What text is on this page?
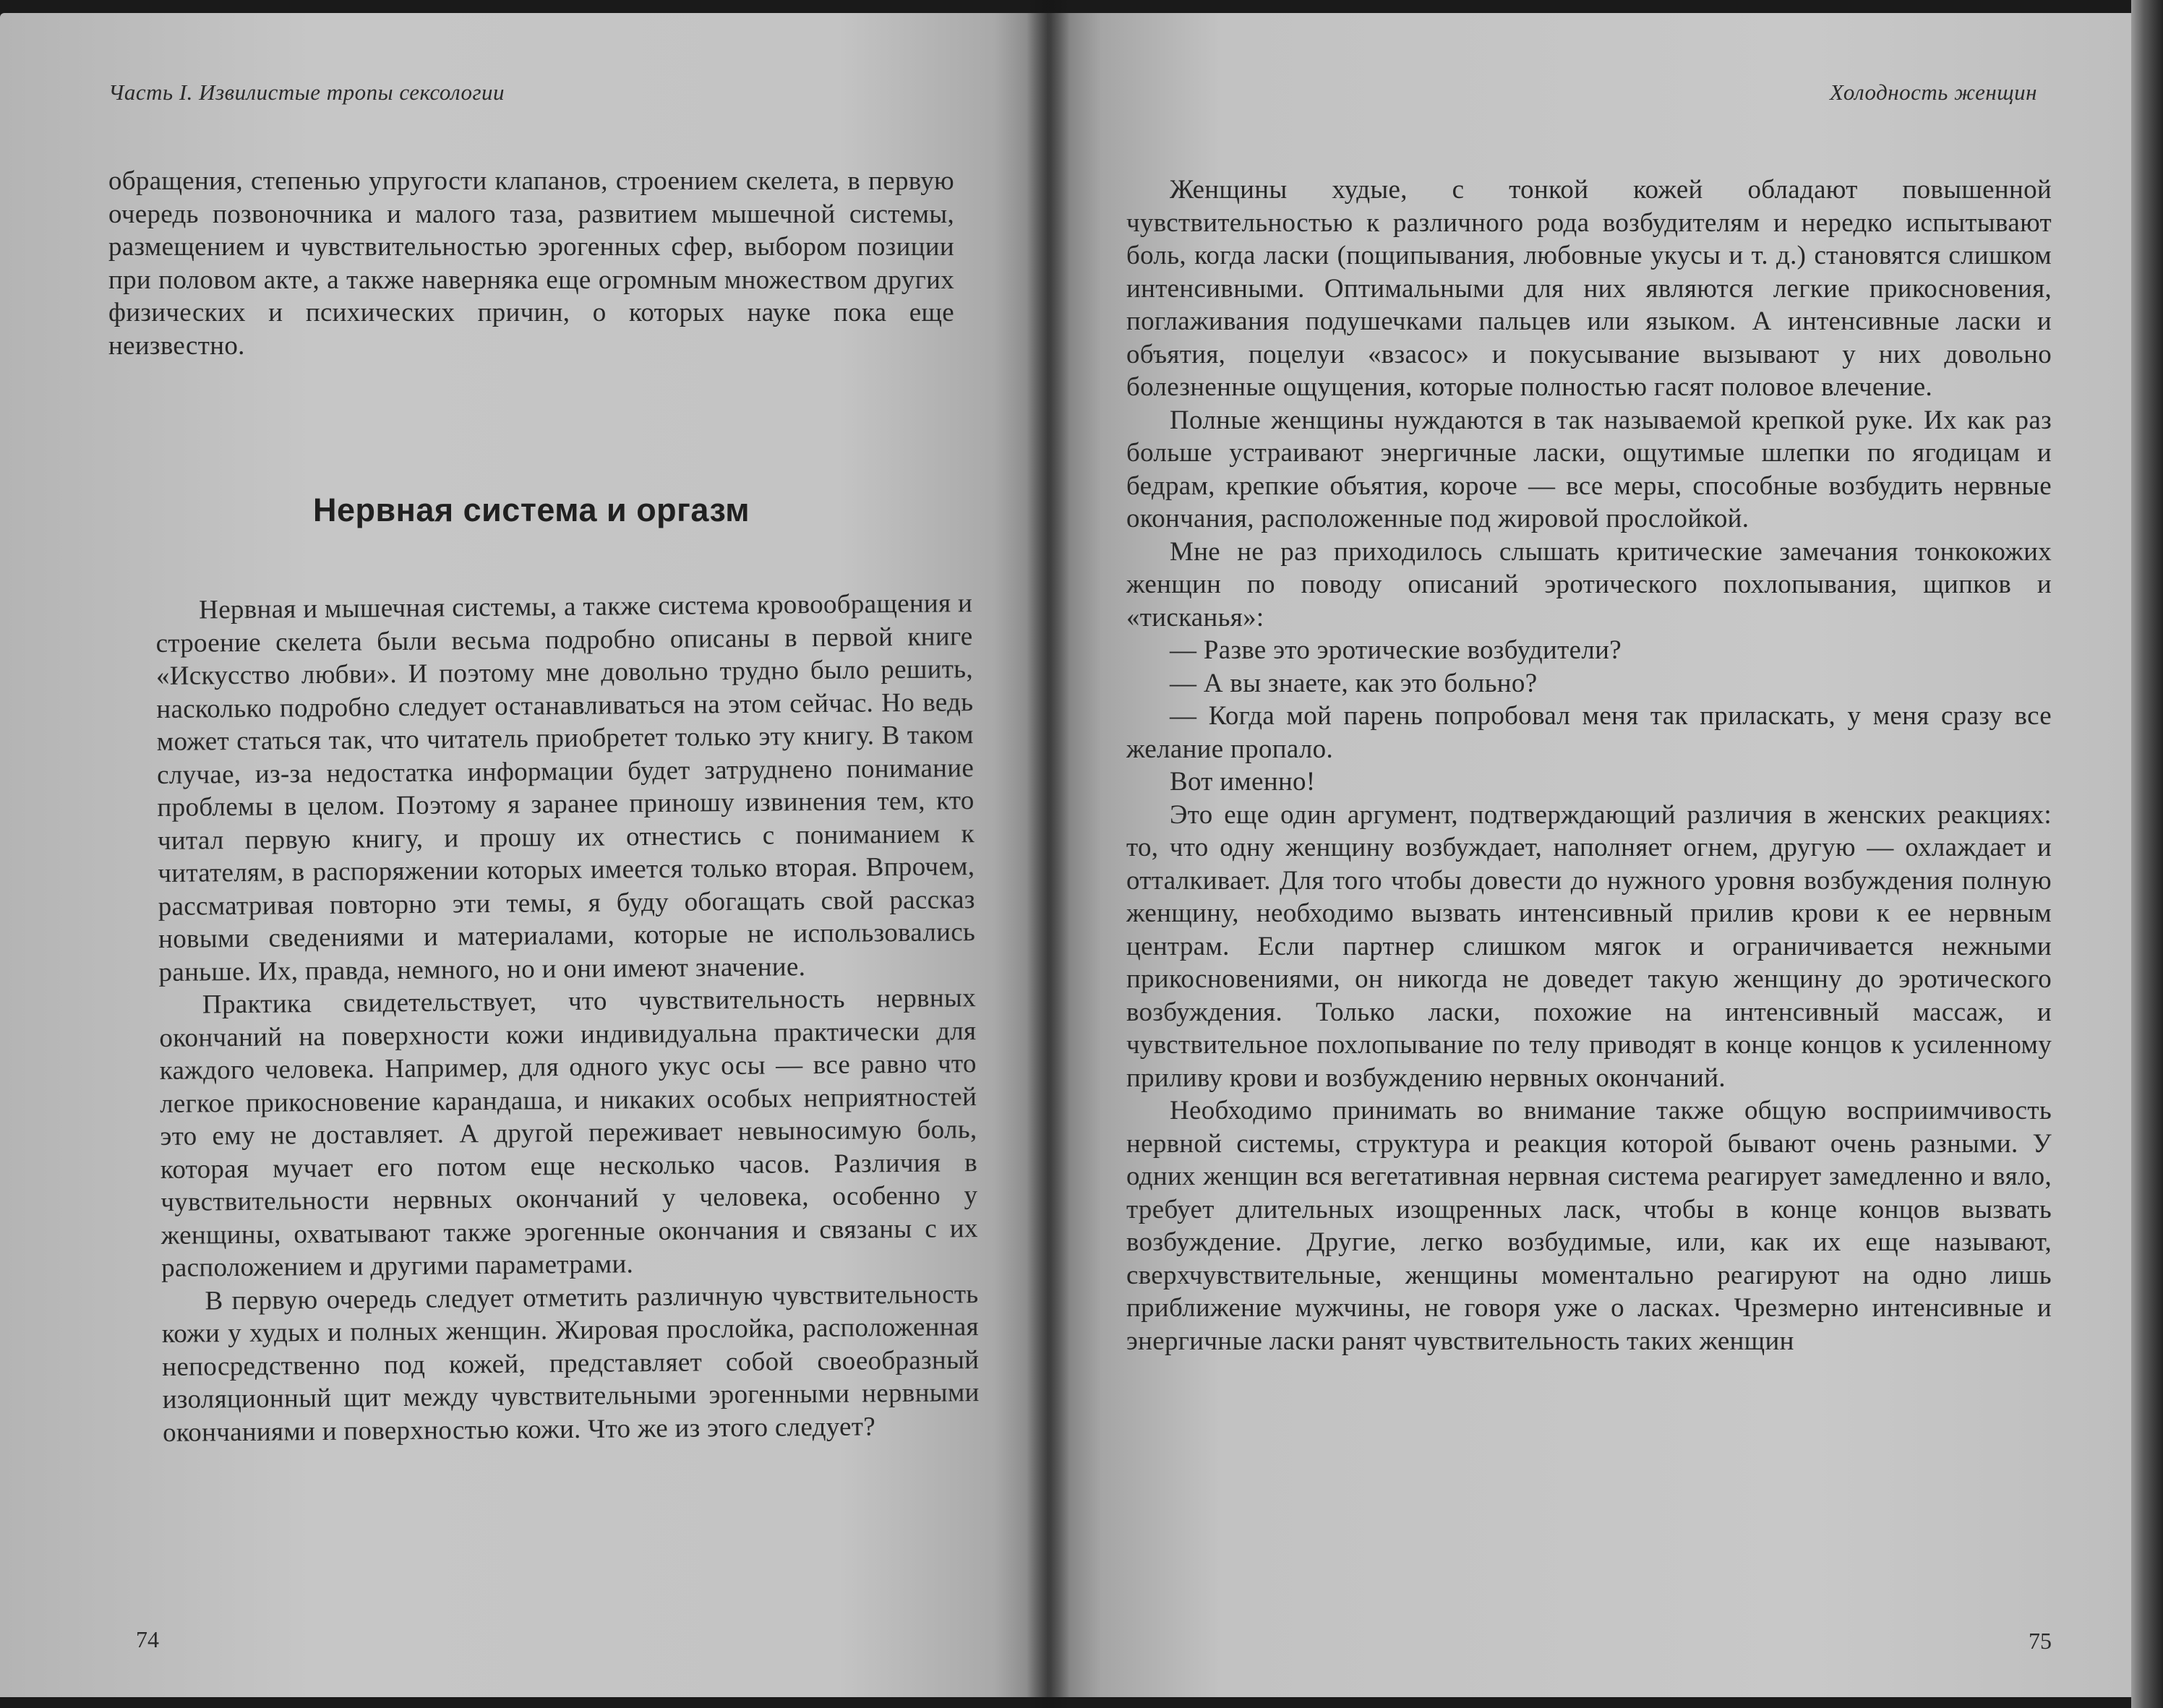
Часть I. Извилистые тропы сексологии

обращения, степенью упругости клапанов, строением скелета, в первую очередь позвоночника и малого таза, развитием мышечной системы, размещением и чувствительностью эрогенных сфер, выбором позиции при половом акте, а также наверняка еще огромным множеством других физических и психических причин, о которых науке пока еще неизвестно.

Нервная система и оргазм

Нервная и мышечная системы, а также система кровообращения и строение скелета были весьма подробно описаны в первой книге «Искусство любви». И поэтому мне довольно трудно было решить, насколько подробно следует останавливаться на этом сейчас. Но ведь может статься так, что читатель приобретет только эту книгу. В таком случае, из-за недостатка информации будет затруднено понимание проблемы в целом. Поэтому я заранее приношу извинения тем, кто читал первую книгу, и прошу их отнестись с пониманием к читателям, в распоряжении которых имеется только вторая. Впрочем, рассматривая повторно эти темы, я буду обогащать свой рассказ новыми сведениями и материалами, которые не использовались раньше. Их, правда, немного, но и они имеют значение.

Практика свидетельствует, что чувствительность нервных окончаний на поверхности кожи индивидуальна практически для каждого человека. Например, для одного укус осы — все равно что легкое прикосновение карандаша, и никаких особых неприятностей это ему не доставляет. А другой переживает невыносимую боль, которая мучает его потом еще несколько часов. Различия в чувствительности нервных окончаний у человека, особенно у женщины, охватывают также эрогенные окончания и связаны с их расположением и другими параметрами.

В первую очередь следует отметить различную чувствительность кожи у худых и полных женщин. Жировая прослойка, расположенная непосредственно под кожей, представляет собой своеобразный изоляционный щит между чувствительными эрогенными нервными окончаниями и поверхностью кожи. Что же из этого следует?

74
Холодность женщин

Женщины худые, с тонкой кожей обладают повышенной чувствительностью к различного рода возбудителям и нередко испытывают боль, когда ласки (пощипывания, любовные укусы и т. д.) становятся слишком интенсивными. Оптимальными для них являются легкие прикосновения, поглаживания подушечками пальцев или языком. А интенсивные ласки и объятия, поцелуи «взасос» и покусывание вызывают у них довольно болезненные ощущения, которые полностью гасят половое влечение.

Полные женщины нуждаются в так называемой крепкой руке. Их как раз больше устраивают энергичные ласки, ощутимые шлепки по ягодицам и бедрам, крепкие объятия, короче — все меры, способные возбудить нервные окончания, расположенные под жировой прослойкой.

Мне не раз приходилось слышать критические замечания тонкокожих женщин по поводу описаний эротического похлопывания, щипков и «тисканья»:

— Разве это эротические возбудители?

— А вы знаете, как это больно?

— Когда мой парень попробовал меня так приласкать, у меня сразу все желание пропало.

Вот именно!

Это еще один аргумент, подтверждающий различия в женских реакциях: то, что одну женщину возбуждает, наполняет огнем, другую — охлаждает и отталкивает. Для того чтобы довести до нужного уровня возбуждения полную женщину, необходимо вызвать интенсивный прилив крови к ее нервным центрам. Если партнер слишком мягок и ограничивается нежными прикосновениями, он никогда не доведет такую женщину до эротического возбуждения. Только ласки, похожие на интенсивный массаж, и чувствительное похлопывание по телу приводят в конце концов к усиленному приливу крови и возбуждению нервных окончаний.

Необходимо принимать во внимание также общую восприимчивость нервной системы, структура и реакция которой бывают очень разными. У одних женщин вся вегетативная нервная система реагирует замедленно и вяло, требует длительных изощренных ласк, чтобы в конце концов вызвать возбуждение. Другие, легко возбудимые, или, как их еще называют, сверхчувствительные, женщины моментально реагируют на одно лишь приближение мужчины, не говоря уже о ласках. Чрезмерно интенсивные и энергичные ласки ранят чувствительность таких женщин

75
